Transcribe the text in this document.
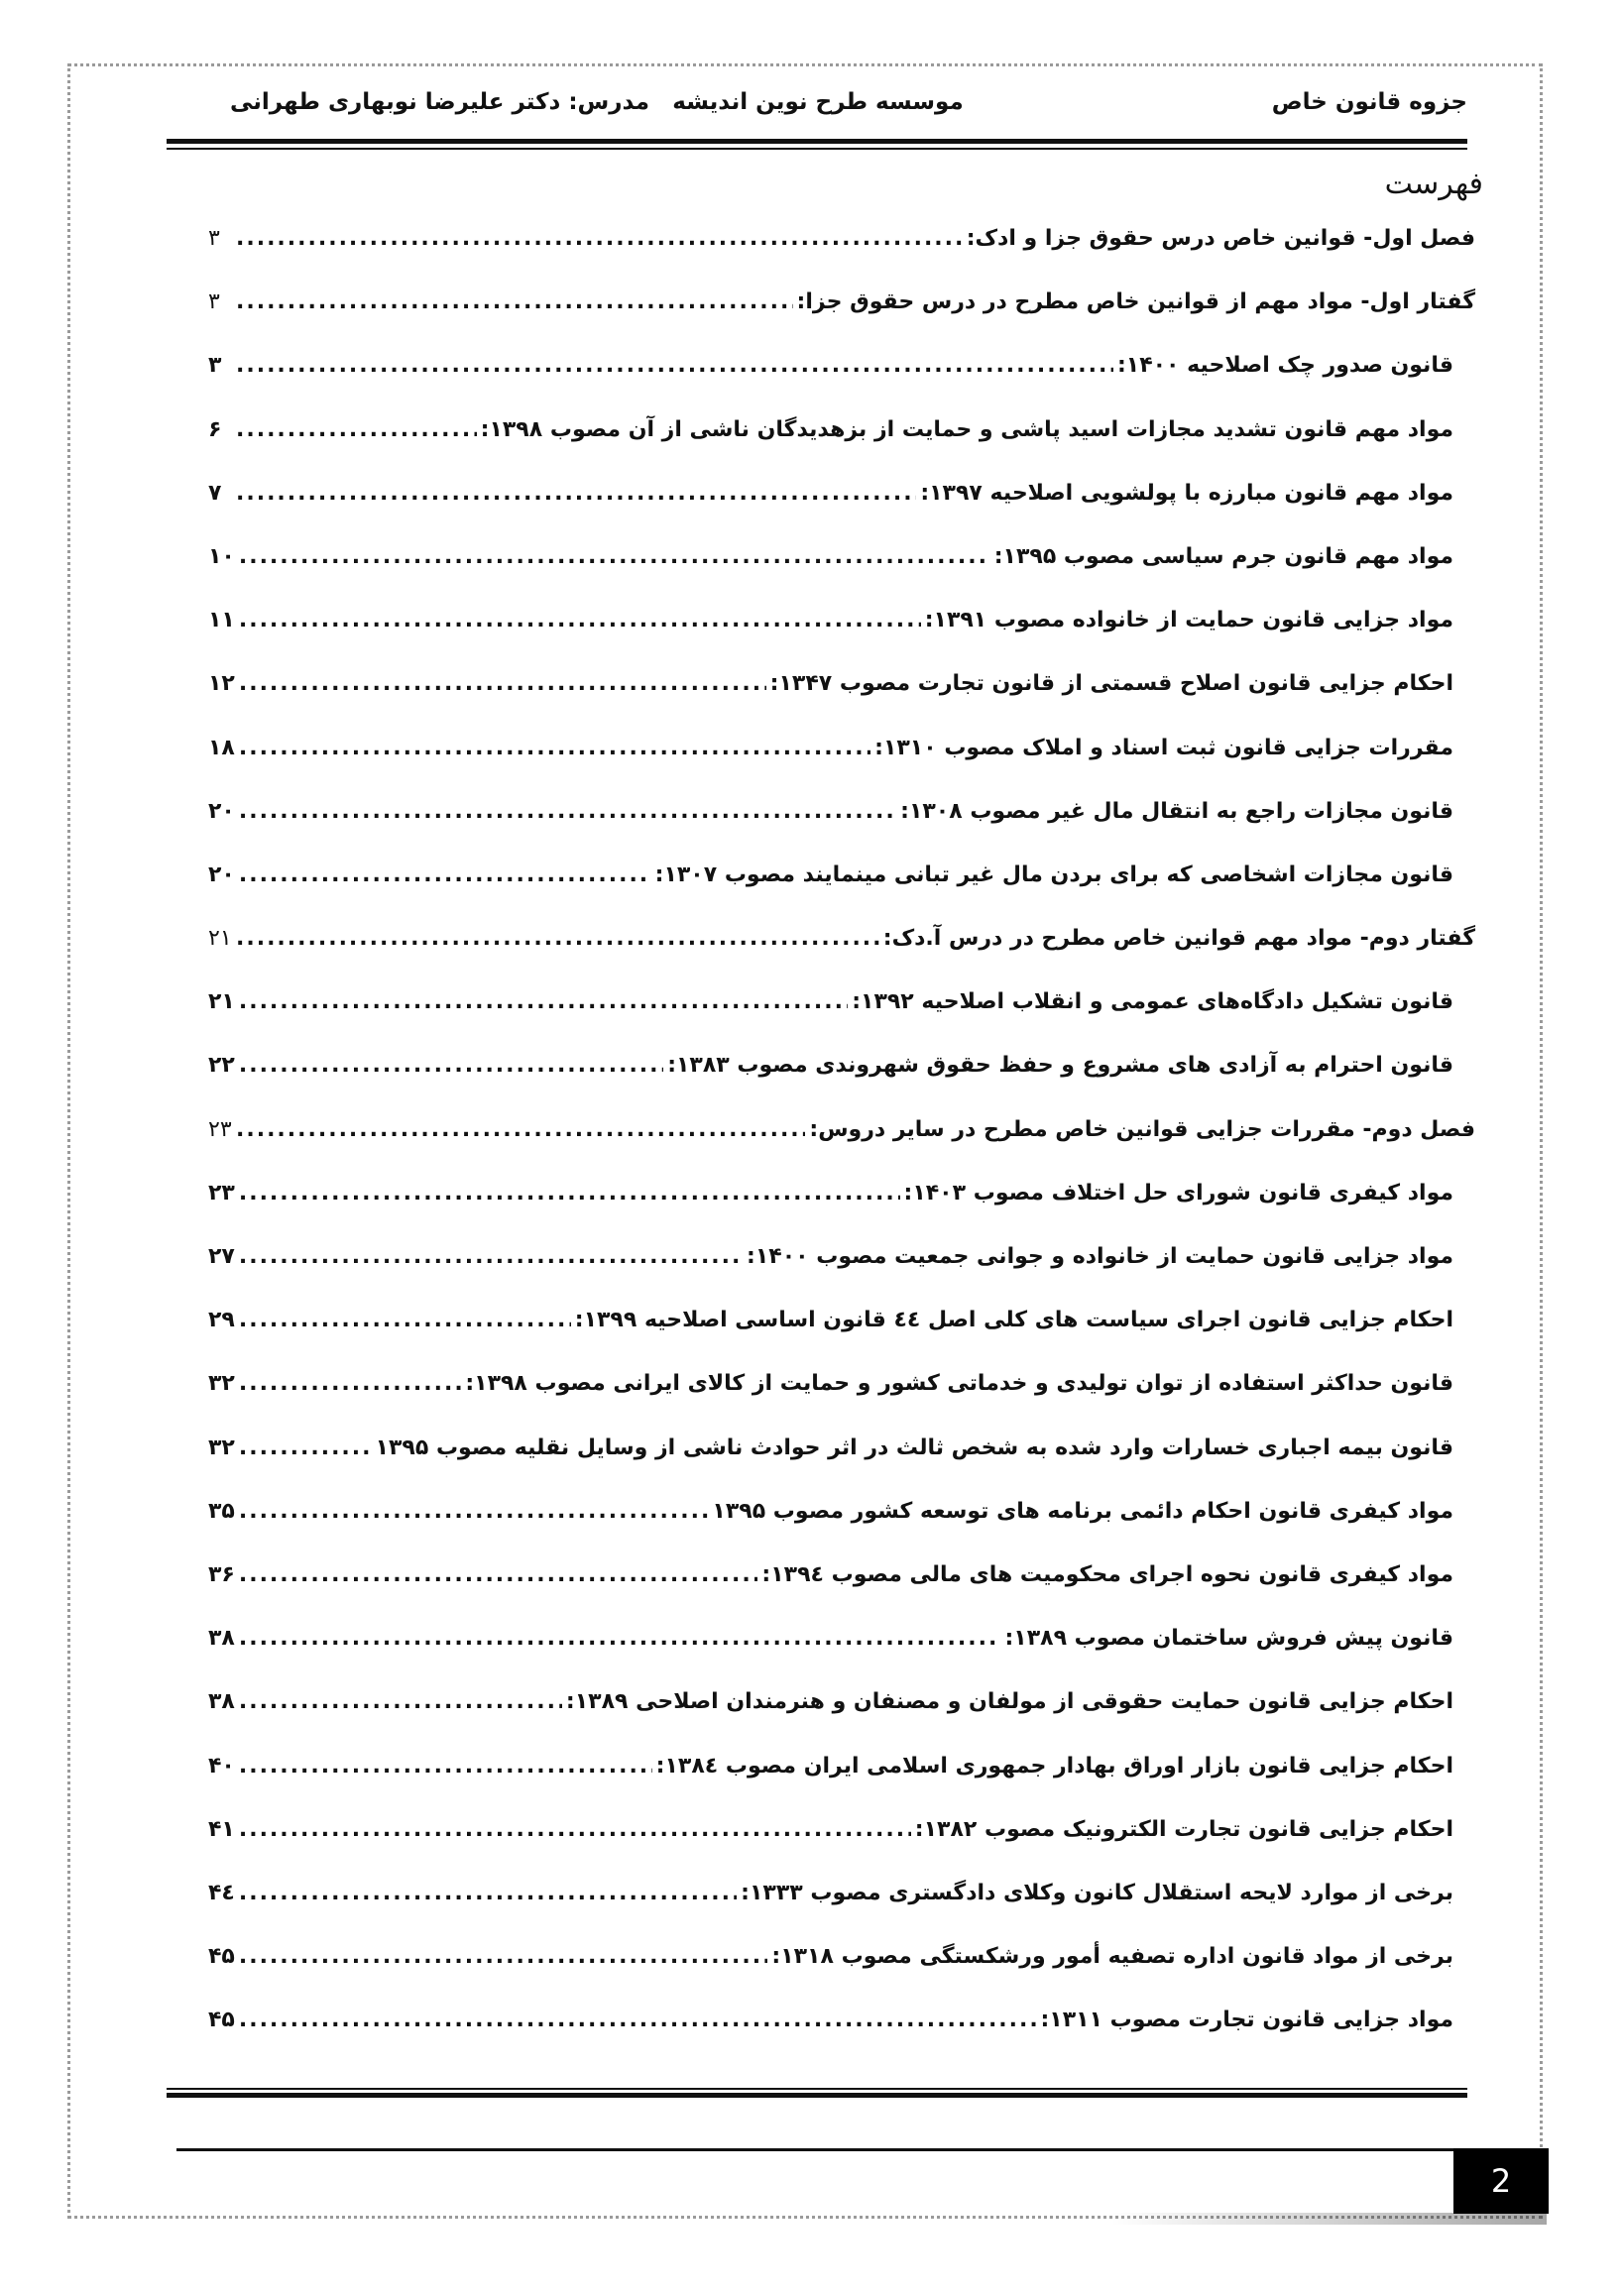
جزوه قانون خاص
موسسه طرح نوین اندیشه
مدرس: دکتر علیرضا نوبهاری طهرانی
فهرست
فصل اول- قوانین خاص درس حقوق جزا و ادک:
.....
۳
گفتار اول- مواد مهم از قوانین خاص مطرح در درس حقوق جزا:
.....
۳
قانون صدور چک اصلاحیه ۱۴۰۰:
.....
۳
مواد مهم قانون تشدید مجازات اسید پاشی و حمایت از بزهدیدگان ناشی از آن مصوب ۱۳۹۸:
.....
۶
مواد مهم قانون مبارزه با پولشویی اصلاحیه ۱۳۹۷:
.....
۷
مواد مهم قانون جرم سیاسی مصوب ۱۳۹۵:
.....
۱۰
مواد جزایی قانون حمایت از خانواده مصوب ۱۳۹۱:
.....
۱۱
احکام جزایی قانون اصلاح قسمتی از قانون تجارت مصوب ۱۳۴۷:
.....
۱۲
مقررات جزایی قانون ثبت اسناد و املاک مصوب ۱۳۱۰:
.....
۱۸
قانون مجازات راجع به انتقال مال غیر مصوب ۱۳۰۸:
.....
۲۰
قانون مجازات اشخاصی که برای بردن مال غیر تبانی مینمایند مصوب ۱۳۰۷:
.....
۲۰
گفتار دوم- مواد مهم قوانین خاص مطرح در درس آ.دک:
.....
۲۱
قانون تشکیل دادگاه‌های عمومی و انقلاب اصلاحیه ۱۳۹۲:
.....
۲۱
قانون احترام به آزادی های مشروع و حفظ حقوق شهروندی مصوب ۱۳۸۳:
.....
۲۲
فصل دوم- مقررات جزایی قوانین خاص مطرح در سایر دروس:
.....
۲۳
مواد کیفری قانون شورای حل اختلاف مصوب ۱۴۰۳:
.....
۲۳
مواد جزایی قانون حمایت از خانواده و جوانی جمعیت مصوب ۱۴۰۰:
.....
۲۷
احکام جزایی قانون اجرای سیاست های کلی اصل ٤٤ قانون اساسی اصلاحیه ۱۳۹۹:
.....
۲۹
قانون حداکثر استفاده از توان تولیدی و خدماتی کشور و حمایت از کالای ایرانی مصوب ۱۳۹۸:
.....
۳۲
قانون بیمه اجباری خسارات وارد شده به شخص ثالث در اثر حوادث ناشی از وسایل نقلیه مصوب ۱۳۹۵
.....
۳۲
مواد کیفری قانون احکام دائمی برنامه های توسعه کشور مصوب ۱۳۹۵
.....
۳۵
مواد کیفری قانون نحوه اجرای محکومیت های مالی مصوب ۱۳۹٤:
.....
۳۶
قانون پیش فروش ساختمان مصوب ۱۳۸۹:
.....
۳۸
احکام جزایی قانون حمایت حقوقی از مولفان و مصنفان و هنرمندان اصلاحی ۱۳۸۹:
.....
۳۸
احکام جزایی قانون بازار اوراق بهادار جمهوری اسلامی ایران مصوب ۱۳۸٤:
.....
۴۰
احکام جزایی قانون تجارت الکترونیک مصوب ۱۳۸۲:
.....
۴۱
برخی از موارد لایحه استقلال کانون وکلای دادگستری مصوب ۱۳۳۳:
.....
۴٤
برخی از مواد قانون اداره تصفیه أمور ورشکستگی مصوب ۱۳۱۸:
.....
۴۵
مواد جزایی قانون تجارت مصوب ۱۳۱۱:
.....
۴۵
2
